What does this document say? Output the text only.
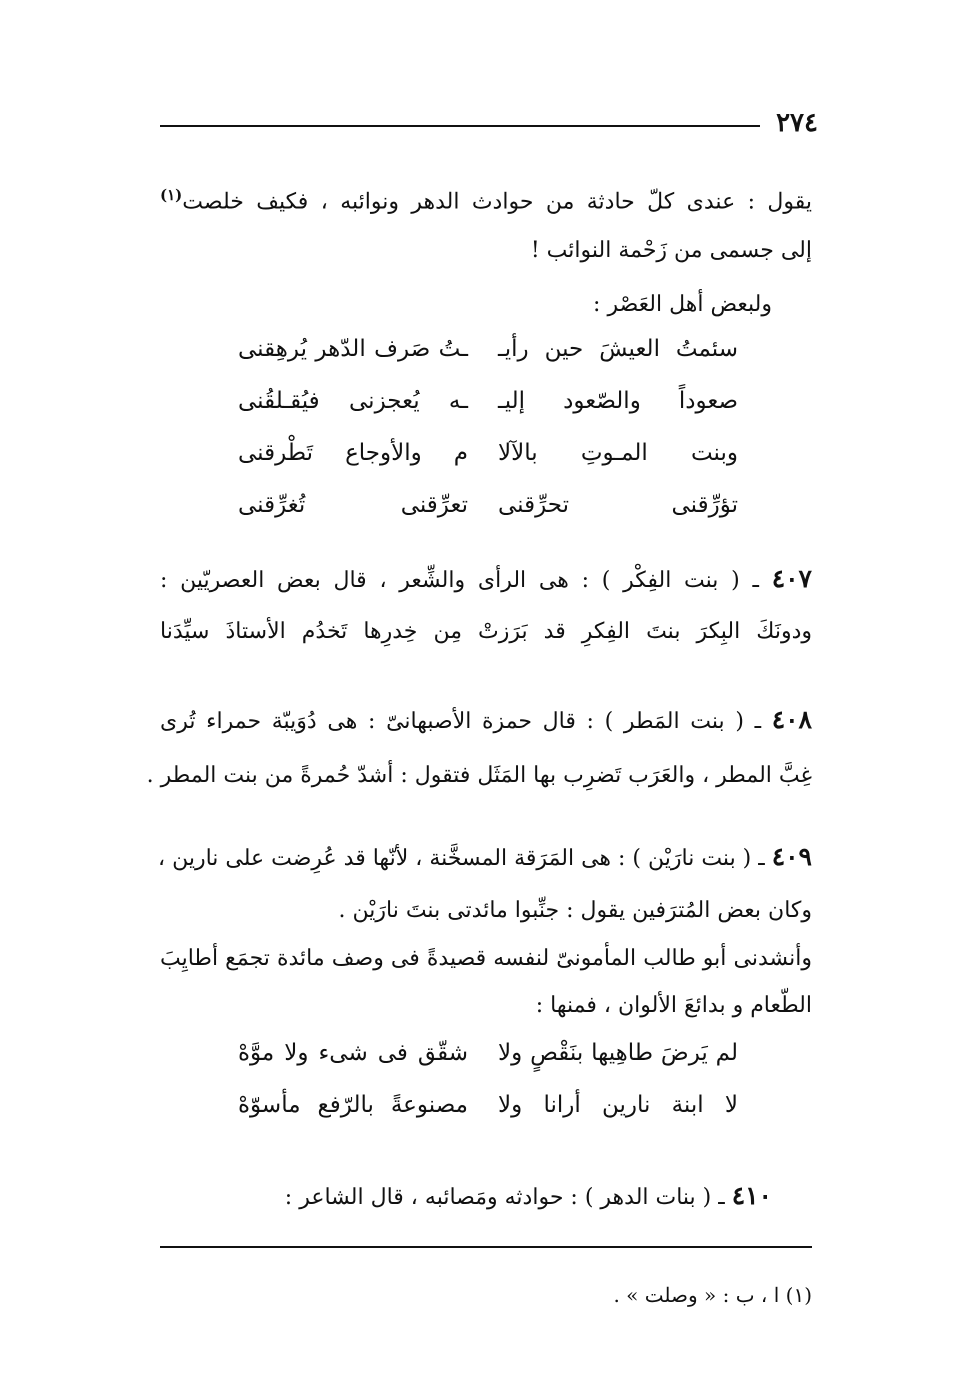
٢٧٤
يقول : عندى كلّ حادثة من حوادث الدهر ونوائبه ، فكيف خلصت$^{(١)}$
إلى جسمى من زَحْمة النوائب !
ولبعض أهل العَصْر :
سئمتُ العيشَ حين رأيـ
ـتُ صَرف الدّهر يُرهِقنى
صعوداً والصّعود إليـ
ـه يُعجزنى فيُقـلقُنى
وبنت المـوتِ بالآلا
م والأوجاع تَطْرقنى
تؤرِّقنى تحرِّقنى
تعرِّقنى تُغرِّقنى
٤٠٧ ـ ( بنت الفِكْر ) : هى الرأى والشِّعر ، قال بعض العصريّين :
ودونَكَ البِكرَ بنتَ الفِكرِ قد بَرَزتْ مِن خِدرِها تَخدُم الأستاذَ سيِّدَنا
٤٠٨ ـ ( بنت المَطر ) : قال حمزة الأصبهانىّ : هى دُوَيبّة حمراء تُرى
غِبَّ المطر ، والعَرَب تَضرِب بها المَثَل فتقول : أشدّ حُمرةً من بنت المطر .
٤٠٩ ـ ( بنت نارَيْن ) : هى المَرَقة المسخَّنة ، لأنّها قد عُرِضت على نارين ،
وكان بعض المُترَفين يقول : جنِّبوا مائدتى بنتَ نارَيْن .
وأنشدنى أبو طالب المأمونىّ لنفسه قصيدةً فى وصف مائدة تجمَع أطايِبَ
الطّعام و بدائعَ الألوان ، فمنها :
لم يَرضَ طاهِيها بنَقْصٍ ولا
شقّق فى شىء ولا موَّهْ
لا ابنة نارين أرانا ولا
مصنوعةً بالرّفع مأسوّهْ
٤١٠ ـ ( بنات الدهر ) : حوادثه ومَصائبه ، قال الشاعر :
(١) ا ، ب : « وصلت » .
